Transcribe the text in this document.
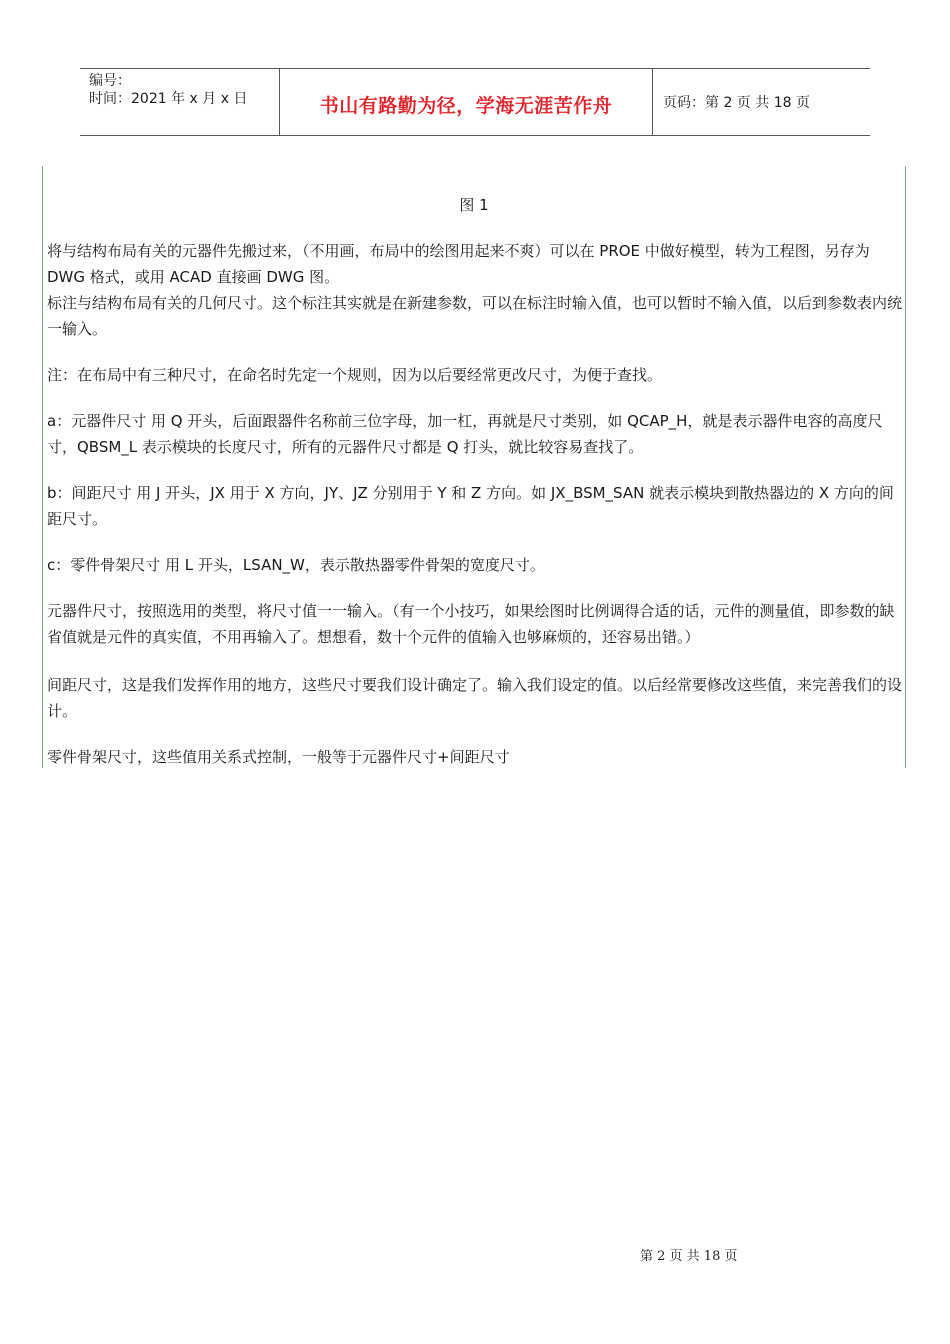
编号：
时间：2021 年 x 月 x 日	书山有路勤为径，学海无涯苦作舟	页码：第 2 页 共 18 页
图 1
将与结构布局有关的元器件先搬过来，（不用画，布局中的绘图用起来不爽）可以在 PROE 中做好模型，转为工程图，另存为 DWG 格式，或用 ACAD 直接画 DWG 图。
标注与结构布局有关的几何尺寸。这个标注其实就是在新建参数，可以在标注时输入值，也可以暂时不输入值，以后到参数表内统一输入。
注：在布局中有三种尺寸，在命名时先定一个规则，因为以后要经常更改尺寸，为便于查找。
a：元器件尺寸 用 Q 开头，后面跟器件名称前三位字母，加一杠，再就是尺寸类别，如 QCAP_H，就是表示器件电容的高度尺寸，QBSM_L 表示模块的长度尺寸，所有的元器件尺寸都是 Q 打头，就比较容易查找了。
b：间距尺寸 用 J 开头，JX 用于 X 方向，JY、JZ 分别用于 Y 和 Z 方向。如 JX_BSM_SAN 就表示模块到散热器边的 X 方向的间距尺寸。
c：零件骨架尺寸 用 L 开头，LSAN_W，表示散热器零件骨架的宽度尺寸。
元器件尺寸，按照选用的类型，将尺寸值一一输入。（有一个小技巧，如果绘图时比例调得合适的话，元件的测量值，即参数的缺省值就是元件的真实值，不用再输入了。想想看，数十个元件的值输入也够麻烦的，还容易出错。）
间距尺寸，这是我们发挥作用的地方，这些尺寸要我们设计确定了。输入我们设定的值。以后经常要修改这些值，来完善我们的设计。
零件骨架尺寸，这些值用关系式控制，一般等于元器件尺寸+间距尺寸
第 2 页 共 18 页
